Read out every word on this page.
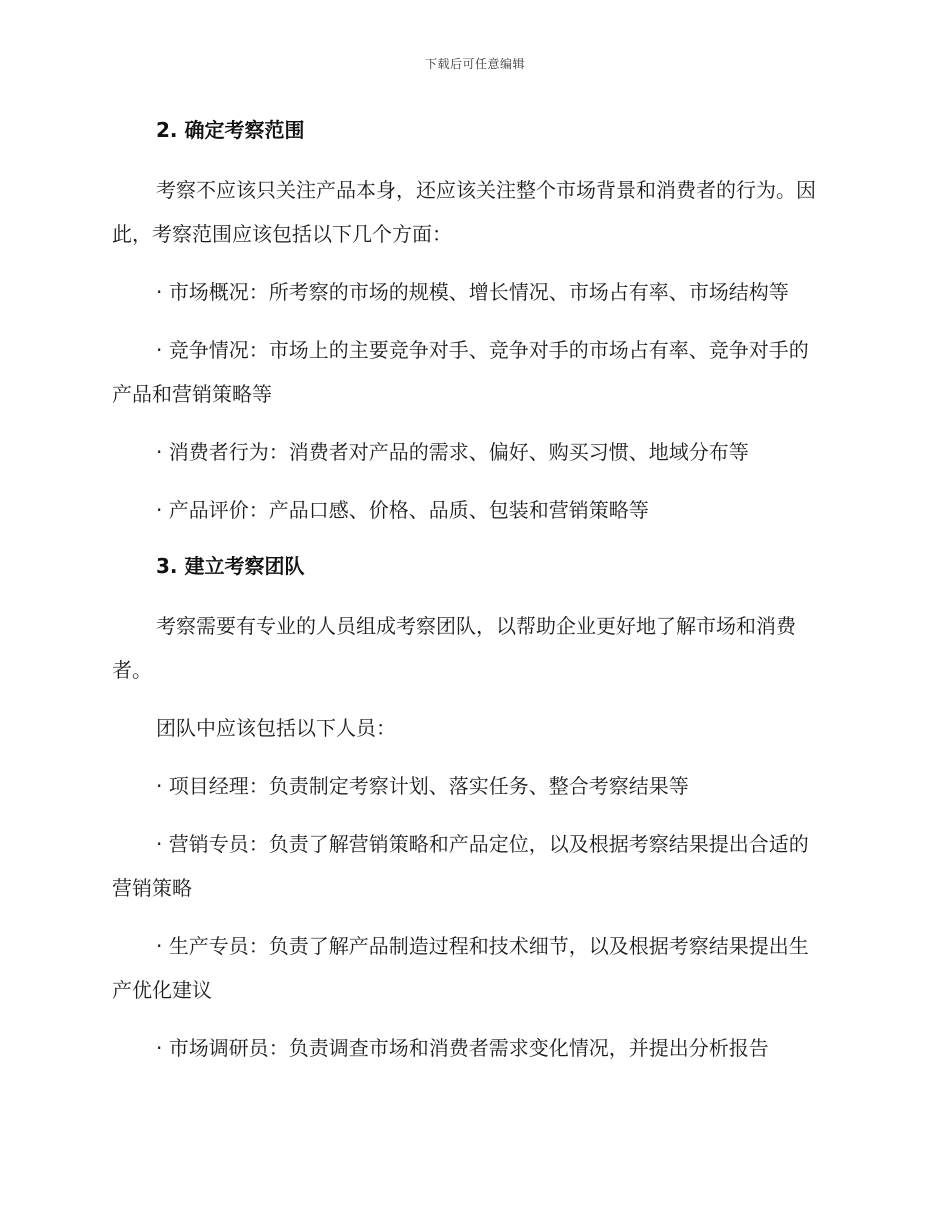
下载后可任意编辑
2. 确定考察范围

考察不应该只关注产品本身，还应该关注整个市场背景和消费者的行为。因此，考察范围应该包括以下几个方面：

· 市场概况：所考察的市场的规模、增长情况、市场占有率、市场结构等

· 竞争情况：市场上的主要竞争对手、竞争对手的市场占有率、竞争对手的产品和营销策略等

· 消费者行为：消费者对产品的需求、偏好、购买习惯、地域分布等

· 产品评价：产品口感、价格、品质、包装和营销策略等

3. 建立考察团队

考察需要有专业的人员组成考察团队，以帮助企业更好地了解市场和消费者。

团队中应该包括以下人员：

· 项目经理：负责制定考察计划、落实任务、整合考察结果等

· 营销专员：负责了解营销策略和产品定位，以及根据考察结果提出合适的营销策略

· 生产专员：负责了解产品制造过程和技术细节，以及根据考察结果提出生产优化建议

· 市场调研员：负责调查市场和消费者需求变化情况，并提出分析报告
